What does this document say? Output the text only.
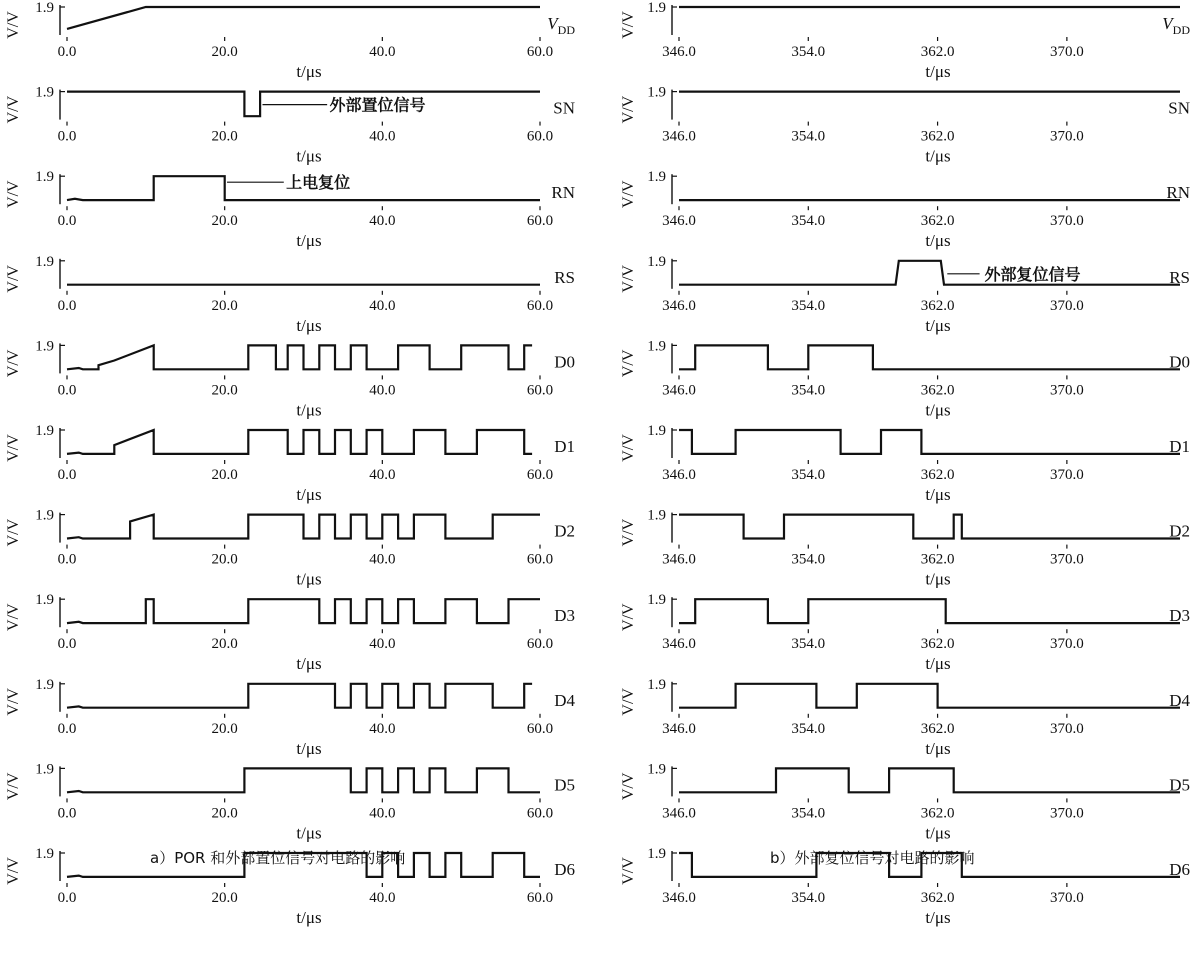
1.9
V/V
0.0	20.0	40.0	60.0
t/μs
$V_{DD}$
1.9
V/V
0.0	20.0	40.0	60.0
t/μs
SN
外部置位信号
1.9
V/V
0.0	20.0	40.0	60.0
t/μs
RN
上电复位
1.9
V/V
0.0	20.0	40.0	60.0
t/μs
RS
1.9
V/V
0.0	20.0	40.0	60.0
t/μs
D0
1.9
V/V
0.0	20.0	40.0	60.0
t/μs
D1
1.9
V/V
0.0	20.0	40.0	60.0
t/μs
D2
1.9
V/V
0.0	20.0	40.0	60.0
t/μs
D3
1.9
V/V
0.0	20.0	40.0	60.0
t/μs
D4
1.9
V/V
0.0	20.0	40.0	60.0
t/μs
D5
1.9
V/V
0.0	20.0	40.0	60.0
t/μs
D6
1.9
V/V
346.0	354.0	362.0	370.0
t/μs
$V_{DD}$
1.9
V/V
346.0	354.0	362.0	370.0
t/μs
SN
1.9
V/V
346.0	354.0	362.0	370.0
t/μs
RN
1.9
V/V
346.0	354.0	362.0	370.0
t/μs
RS
外部复位信号
1.9
V/V
346.0	354.0	362.0	370.0
t/μs
D0
1.9
V/V
346.0	354.0	362.0	370.0
t/μs
D1
1.9
V/V
346.0	354.0	362.0	370.0
t/μs
D2
1.9
V/V
346.0	354.0	362.0	370.0
t/μs
D3
1.9
V/V
346.0	354.0	362.0	370.0
t/μs
D4
1.9
V/V
346.0	354.0	362.0	370.0
t/μs
D5
1.9
V/V
346.0	354.0	362.0	370.0
t/μs
D6
a）POR 和外部置位信号对电路的影响	b）外部复位信号对电路的影响
